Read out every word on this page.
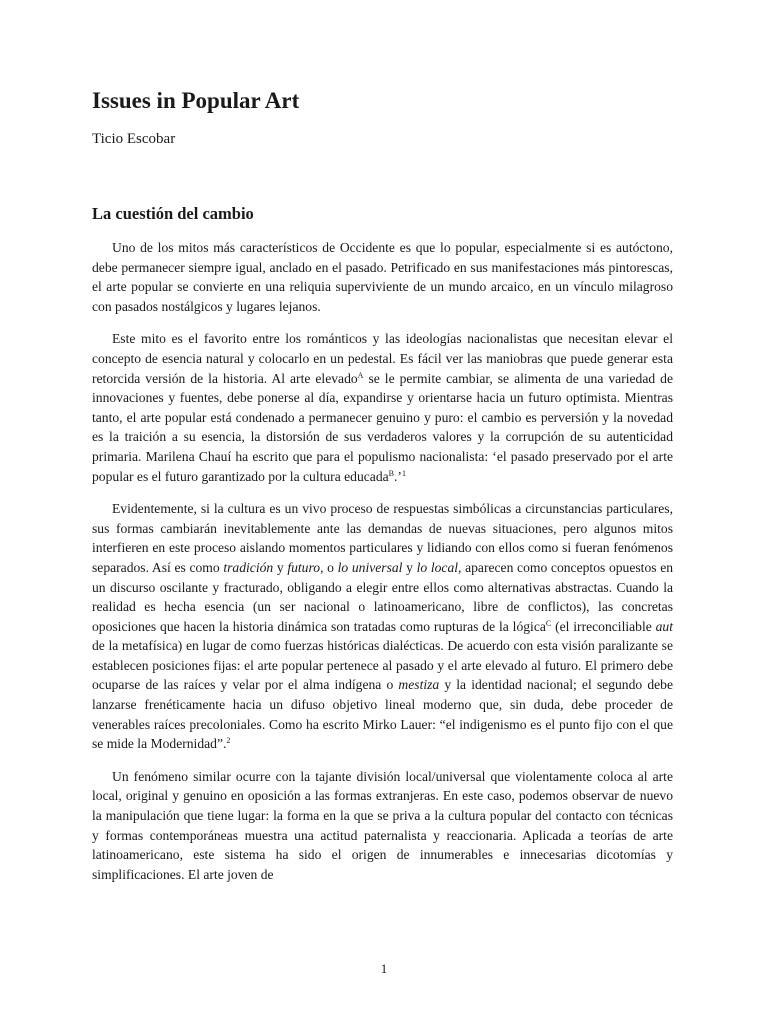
Issues in Popular Art

Ticio Escobar

La cuestión del cambio

Uno de los mitos más característicos de Occidente es que lo popular, especialmente si es autóctono, debe permanecer siempre igual, anclado en el pasado. Petrificado en sus manifestaciones más pintorescas, el arte popular se convierte en una reliquia superviviente de un mundo arcaico, en un vínculo milagroso con pasados nostálgicos y lugares lejanos.

Este mito es el favorito entre los románticos y las ideologías nacionalistas que necesitan elevar el concepto de esencia natural y colocarlo en un pedestal. Es fácil ver las maniobras que puede generar esta retorcida versión de la historia. Al arte elevado$^A$ se le permite cambiar, se alimenta de una variedad de innovaciones y fuentes, debe ponerse al día, expandirse y orientarse hacia un futuro optimista. Mientras tanto, el arte popular está condenado a permanecer genuino y puro: el cambio es perversión y la novedad es la traición a su esencia, la distorsión de sus verdaderos valores y la corrupción de su autenticidad primaria. Marilena Chauí ha escrito que para el populismo nacionalista: ‘el pasado preservado por el arte popular es el futuro garantizado por la cultura educada$^B$.’$^1$

Evidentemente, si la cultura es un vivo proceso de respuestas simbólicas a circunstancias particulares, sus formas cambiarán inevitablemente ante las demandas de nuevas situaciones, pero algunos mitos interfieren en este proceso aislando momentos particulares y lidiando con ellos como si fueran fenómenos separados. Así es como tradición y futuro, o lo universal y lo local, aparecen como conceptos opuestos en un discurso oscilante y fracturado, obligando a elegir entre ellos como alternativas abstractas. Cuando la realidad es hecha esencia (un ser nacional o latinoamericano, libre de conflictos), las concretas oposiciones que hacen la historia dinámica son tratadas como rupturas de la lógica$^C$ (el irreconciliable aut de la metafísica) en lugar de como fuerzas históricas dialécticas. De acuerdo con esta visión paralizante se establecen posiciones fijas: el arte popular pertenece al pasado y el arte elevado al futuro. El primero debe ocuparse de las raíces y velar por el alma indígena o mestiza y la identidad nacional; el segundo debe lanzarse frenéticamente hacia un difuso objetivo lineal moderno que, sin duda, debe proceder de venerables raíces precoloniales. Como ha escrito Mirko Lauer: “el indigenismo es el punto fijo con el que se mide la Modernidad”.$^2$

Un fenómeno similar ocurre con la tajante división local/universal que violentamente coloca al arte local, original y genuino en oposición a las formas extranjeras. En este caso, podemos observar de nuevo la manipulación que tiene lugar: la forma en la que se priva a la cultura popular del contacto con técnicas y formas contemporáneas muestra una actitud paternalista y reaccionaria. Aplicada a teorías de arte latinoamericano, este sistema ha sido el origen de innumerables e innecesarias dicotomías y simplificaciones. El arte joven de

1
